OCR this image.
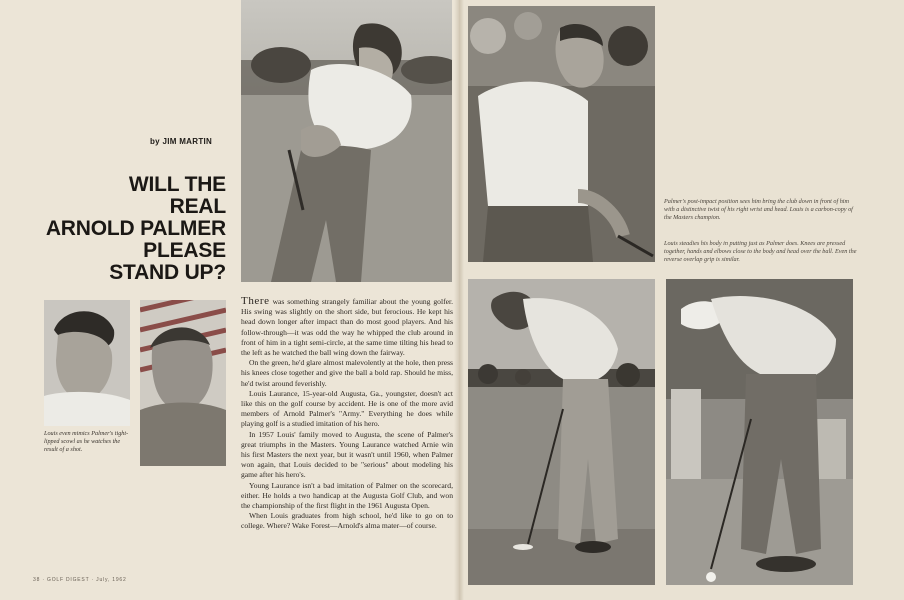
by JIM MARTIN
WILL THE
REAL
ARNOLD PALMER
PLEASE
STAND UP?
Louis even mimics Palmer's tight-lipped scowl as he watches the result of a shot.
Palmer's post-impact position sees him bring the club down in front of him with a distinctive twist of his right wrist and head. Louis is a carbon-copy of the Masters champion.
Louis steadies his body in putting just as Palmer does. Knees are pressed together, hands and elbows close to the body and head over the ball. Even the reverse overlap grip is similar.

There was something strangely familiar about the young golfer. His swing was slightly on the short side, but ferocious. He kept his head down longer after impact than do most good players. And his follow-through—it was odd the way he whipped the club around in front of him in a tight semi-circle, at the same time tilting his head to the left as he watched the ball wing down the fairway.

On the green, he'd glare almost malevolently at the hole, then press his knees close together and give the ball a bold rap. Should he miss, he'd twist around feverishly.

Louis Laurance, 15-year-old Augusta, Ga., youngster, doesn't act like this on the golf course by accident. He is one of the more avid members of Arnold Palmer's "Army." Everything he does while playing golf is a studied imitation of his hero.

In 1957 Louis' family moved to Augusta, the scene of Palmer's great triumphs in the Masters. Young Laurance watched Arnie win his first Masters the next year, but it wasn't until 1960, when Palmer won again, that Louis decided to be "serious" about modeling his game after his hero's.

Young Laurance isn't a bad imitation of Palmer on the scorecard, either. He holds a two handicap at the Augusta Golf Club, and won the championship of the first flight in the 1961 Augusta Open.

When Louis graduates from high school, he'd like to go on to college. Where? Wake Forest—Arnold's alma mater—of course.

38 · GOLF DIGEST · July, 1962
